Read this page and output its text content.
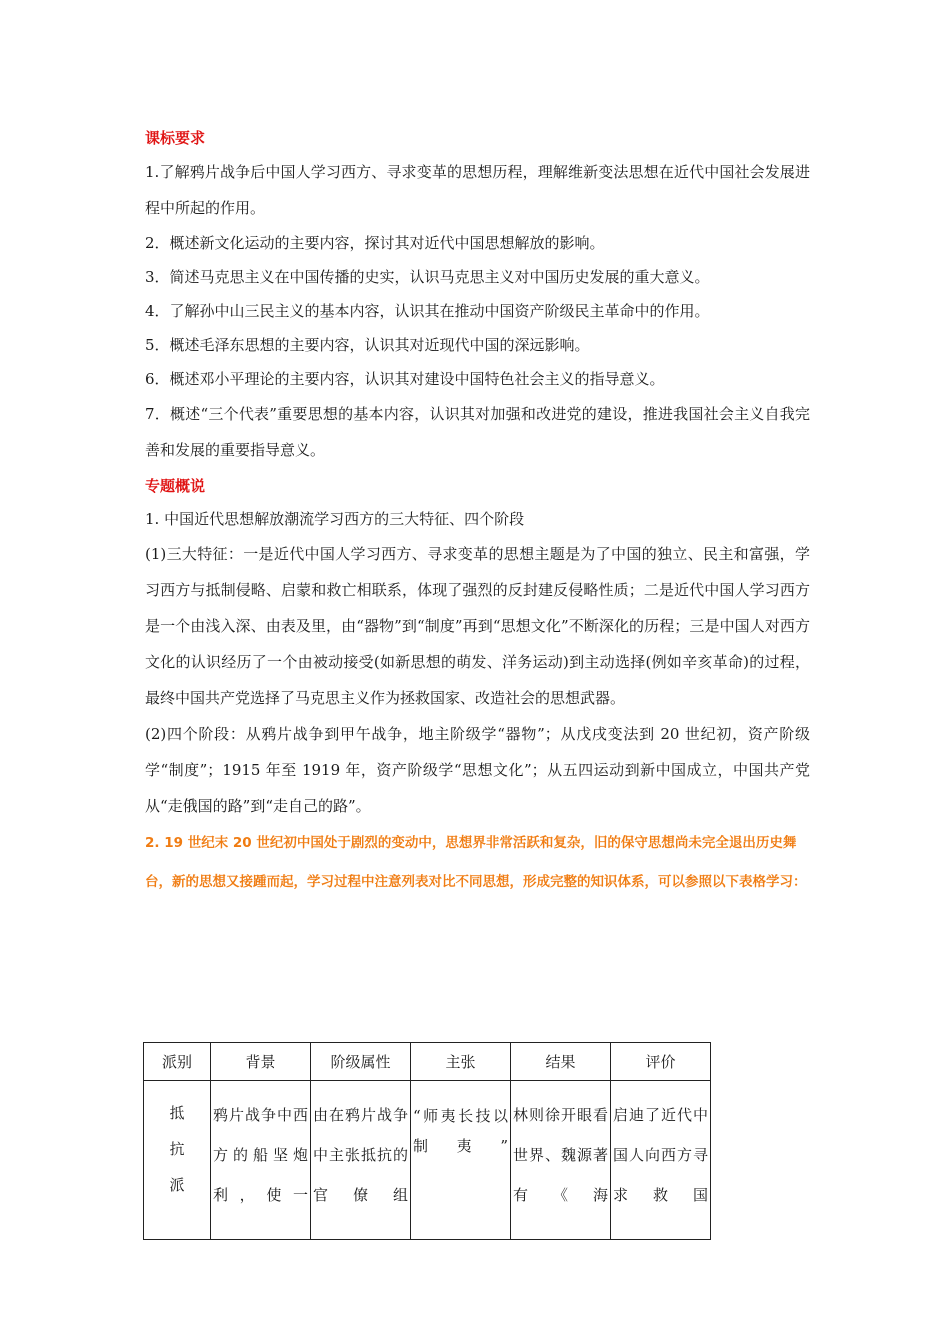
课标要求

1.了解鸦片战争后中国人学习西方、寻求变革的思想历程，理解维新变法思想在近代中国社会发展进程中所起的作用。

2．概述新文化运动的主要内容，探讨其对近代中国思想解放的影响。

3．简述马克思主义在中国传播的史实，认识马克思主义对中国历史发展的重大意义。

4．了解孙中山三民主义的基本内容，认识其在推动中国资产阶级民主革命中的作用。

5．概述毛泽东思想的主要内容，认识其对近现代中国的深远影响。

6．概述邓小平理论的主要内容，认识其对建设中国特色社会主义的指导意义。

7．概述“三个代表”重要思想的基本内容，认识其对加强和改进党的建设，推进我国社会主义自我完善和发展的重要指导意义。

专题概说

1. 中国近代思想解放潮流学习西方的三大特征、四个阶段

(1)三大特征：一是近代中国人学习西方、寻求变革的思想主题是为了中国的独立、民主和富强，学习西方与抵制侵略、启蒙和救亡相联系，体现了强烈的反封建反侵略性质；二是近代中国人学习西方是一个由浅入深、由表及里，由“器物”到“制度”再到“思想文化”不断深化的历程；三是中国人对西方文化的认识经历了一个由被动接受(如新思想的萌发、洋务运动)到主动选择(例如辛亥革命)的过程，最终中国共产党选择了马克思主义作为拯救国家、改造社会的思想武器。

(2)四个阶段：从鸦片战争到甲午战争，地主阶级学“器物”；从戊戌变法到 20 世纪初，资产阶级学“制度”；1915 年至 1919 年，资产阶级学“思想文化”；从五四运动到新中国成立，中国共产党从“走俄国的路”到“走自己的路”。

2. 19 世纪末 20 世纪初中国处于剧烈的变动中，思想界非常活跃和复杂，旧的保守思想尚未完全退出历史舞台，新的思想又接踵而起，学习过程中注意列表对比不同思想，形成完整的知识体系，可以参照以下表格学习：

派别	背景	阶级属性	主张	结果	评价
抵抗派	鸦片战争中西方的船坚炮利，使一	由在鸦片战争中主张抵抗的官僚组	“师夷长技以制夷”	林则徐开眼看世界、魏源著有《海	启迪了近代中国人向西方寻求救国
